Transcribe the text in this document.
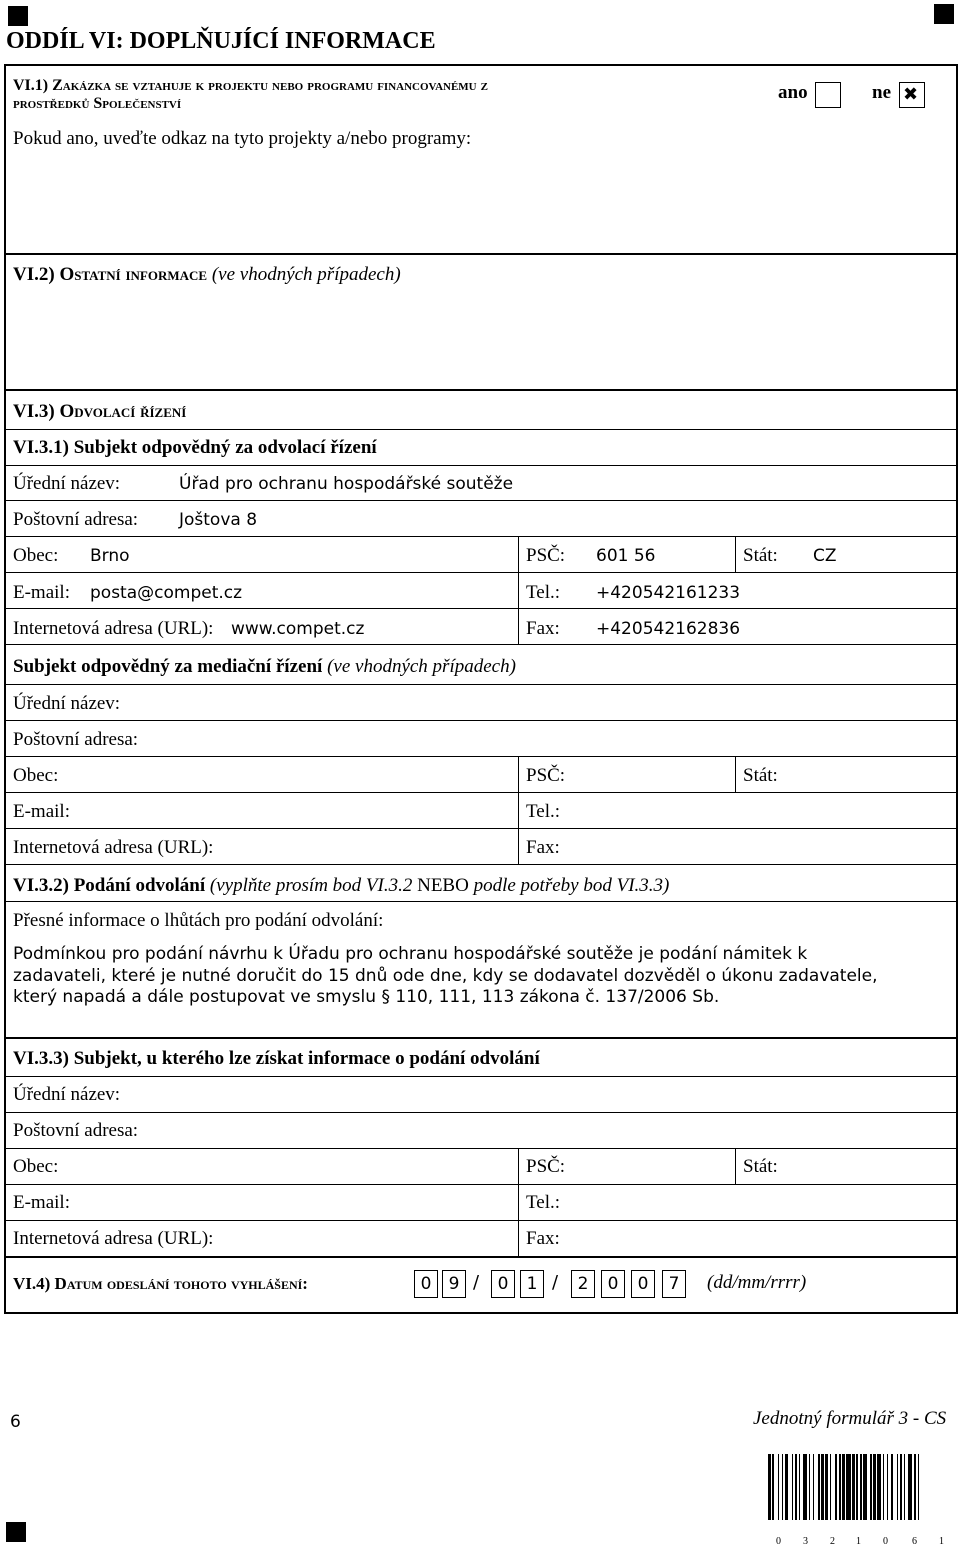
ODDÍL VI: DOPLŇUJÍCÍ INFORMACE
VI.1) Zakázka se vztahuje k projektu nebo programu financovanému z
prostředků Společenství
ano	ne ✖
Pokud ano, uveďte odkaz na tyto projekty a/nebo programy:
VI.2) Ostatní informace (ve vhodných případech)
VI.3) Odvolací řízení
VI.3.1) Subjekt odpovědný za odvolací řízení
Úřední název:	Úřad pro ochranu hospodářské soutěže
Poštovní adresa: Joštova 8
Obec: Brno	PSČ: 601 56	Stát: CZ
E-mail: posta@compet.cz	Tel.: +420542161233
Internetová adresa (URL): www.compet.cz	Fax: +420542162836
Subjekt odpovědný za mediační řízení (ve vhodných případech)
Úřední název:
Poštovní adresa:
Obec:	PSČ:	Stát:
E-mail:	Tel.:
Internetová adresa (URL):	Fax:
VI.3.2) Podání odvolání (vyplňte prosím bod VI.3.2 NEBO podle potřeby bod VI.3.3)
Přesné informace o lhůtách pro podání odvolání:
Podmínkou pro podání návrhu k Úřadu pro ochranu hospodářské soutěže je podání námitek k
zadavateli, které je nutné doručit do 15 dnů ode dne, kdy se dodavatel dozvěděl o úkonu zadavatele,
který napadá a dále postupovat ve smyslu § 110, 111, 113 zákona č. 137/2006 Sb.
VI.3.3) Subjekt, u kterého lze získat informace o podání odvolání
Úřední název:
Poštovní adresa:
Obec:	PSČ:	Stát:
E-mail:	Tel.:
Internetová adresa (URL):	Fax:
VI.4) Datum odeslání tohoto vyhlášení:	0	9 /	0	1 /	2	0	0	7	(dd/mm/rrrr)
6	Jednotný formulář 3 - CS
0 3 2 1 0 6 1
